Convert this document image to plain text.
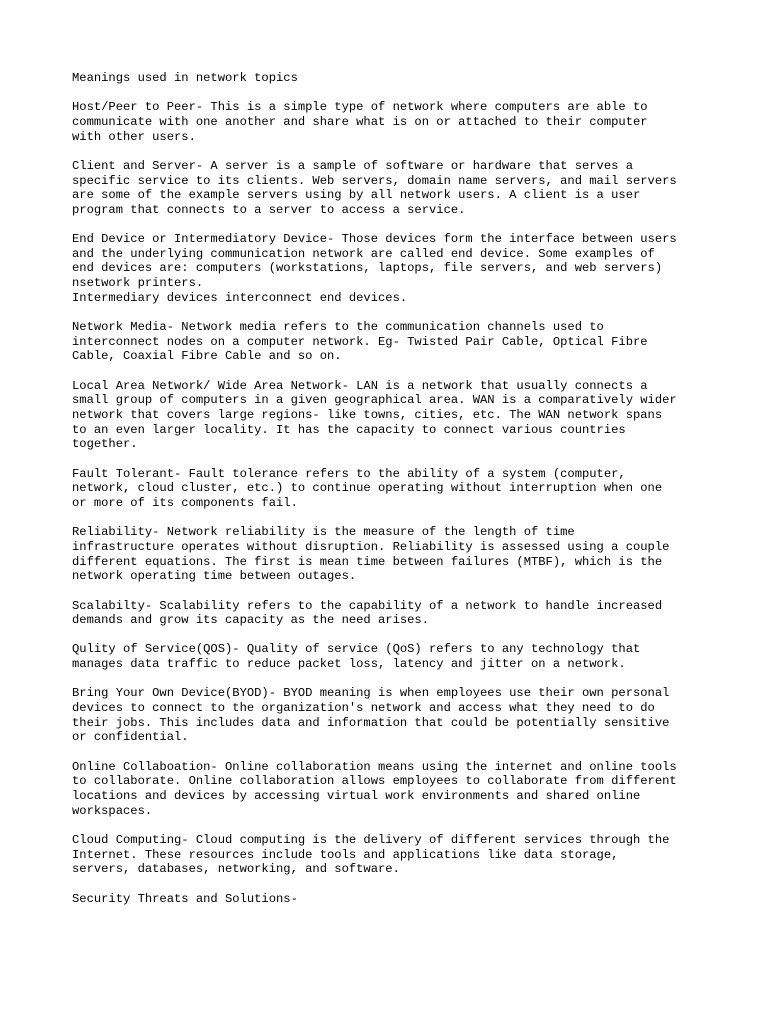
Meanings used in network topics

Host/Peer to Peer- This is a simple type of network where computers are able to
communicate with one another and share what is on or attached to their computer
with other users.
Client and Server- A server is a sample of software or hardware that serves a
specific service to its clients. Web servers, domain name servers, and mail servers
are some of the example servers using by all network users. A client is a user
program that connects to a server to access a service.
End Device or Intermediatory Device- Those devices form the interface between users
and the underlying communication network are called end device. Some examples of
end devices are: computers (workstations, laptops, file servers, and web servers)
nsetwork printers.
Intermediary devices interconnect end devices.
Network Media- Network media refers to the communication channels used to
interconnect nodes on a computer network. Eg- Twisted Pair Cable, Optical Fibre
Cable, Coaxial Fibre Cable and so on.
Local Area Network/ Wide Area Network- LAN is a network that usually connects a
small group of computers in a given geographical area. WAN is a comparatively wider
network that covers large regions- like towns, cities, etc. The WAN network spans
to an even larger locality. It has the capacity to connect various countries
together.
Fault Tolerant- Fault tolerance refers to the ability of a system (computer,
network, cloud cluster, etc.) to continue operating without interruption when one
or more of its components fail.
Reliability- Network reliability is the measure of the length of time
infrastructure operates without disruption. Reliability is assessed using a couple
different equations. The first is mean time between failures (MTBF), which is the
network operating time between outages.
Scalabilty- Scalability refers to the capability of a network to handle increased
demands and grow its capacity as the need arises.
Qulity of Service(QOS)- Quality of service (QoS) refers to any technology that
manages data traffic to reduce packet loss, latency and jitter on a network.
Bring Your Own Device(BYOD)- BYOD meaning is when employees use their own personal
devices to connect to the organization's network and access what they need to do
their jobs. This includes data and information that could be potentially sensitive
or confidential.
Online Collaboation- Online collaboration means using the internet and online tools
to collaborate. Online collaboration allows employees to collaborate from different
locations and devices by accessing virtual work environments and shared online
workspaces.
Cloud Computing- Cloud computing is the delivery of different services through the
Internet. These resources include tools and applications like data storage,
servers, databases, networking, and software.
Security Threats and Solutions-
